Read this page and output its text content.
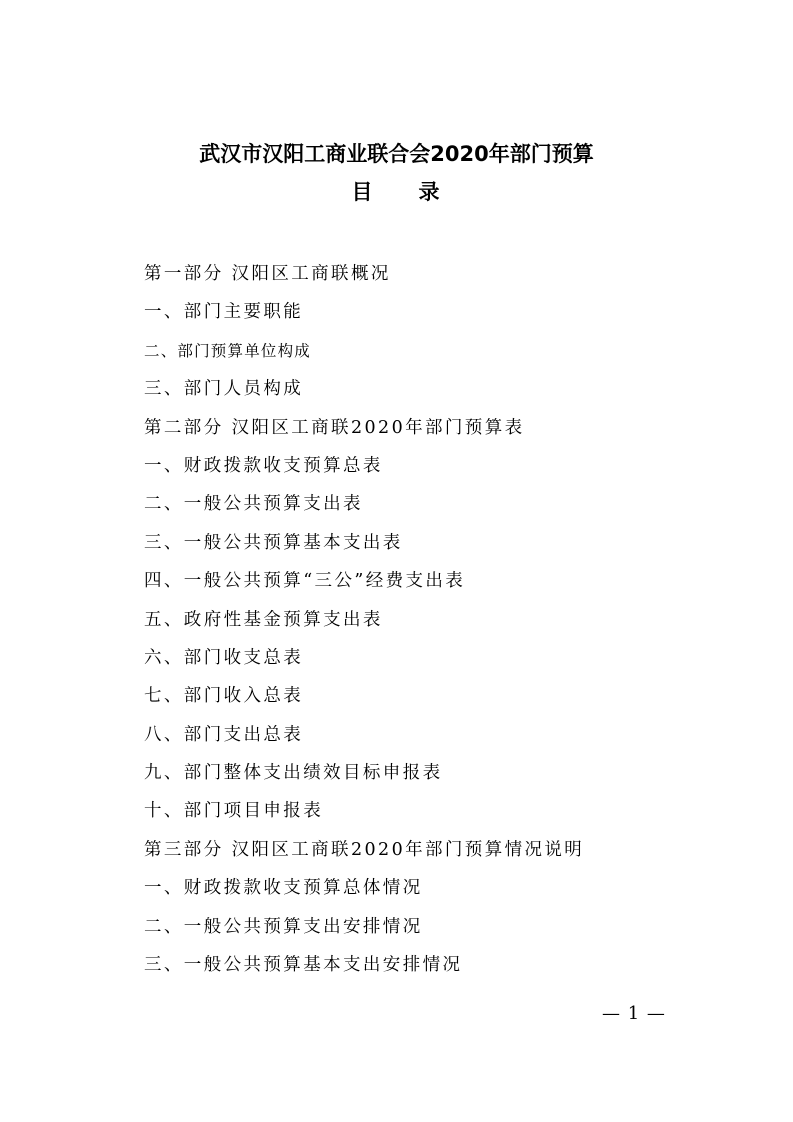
武汉市汉阳工商业联合会2020年部门预算
目 录
第一部分 汉阳区工商联概况
一、部门主要职能
二、部门预算单位构成
三、部门人员构成
第二部分 汉阳区工商联2020年部门预算表
一、财政拨款收支预算总表
二、一般公共预算支出表
三、一般公共预算基本支出表
四、一般公共预算“三公”经费支出表
五、政府性基金预算支出表
六、部门收支总表
七、部门收入总表
八、部门支出总表
九、部门整体支出绩效目标申报表
十、部门项目申报表
第三部分 汉阳区工商联2020年部门预算情况说明
一、财政拨款收支预算总体情况
二、一般公共预算支出安排情况
三、一般公共预算基本支出安排情况
— 1 —
